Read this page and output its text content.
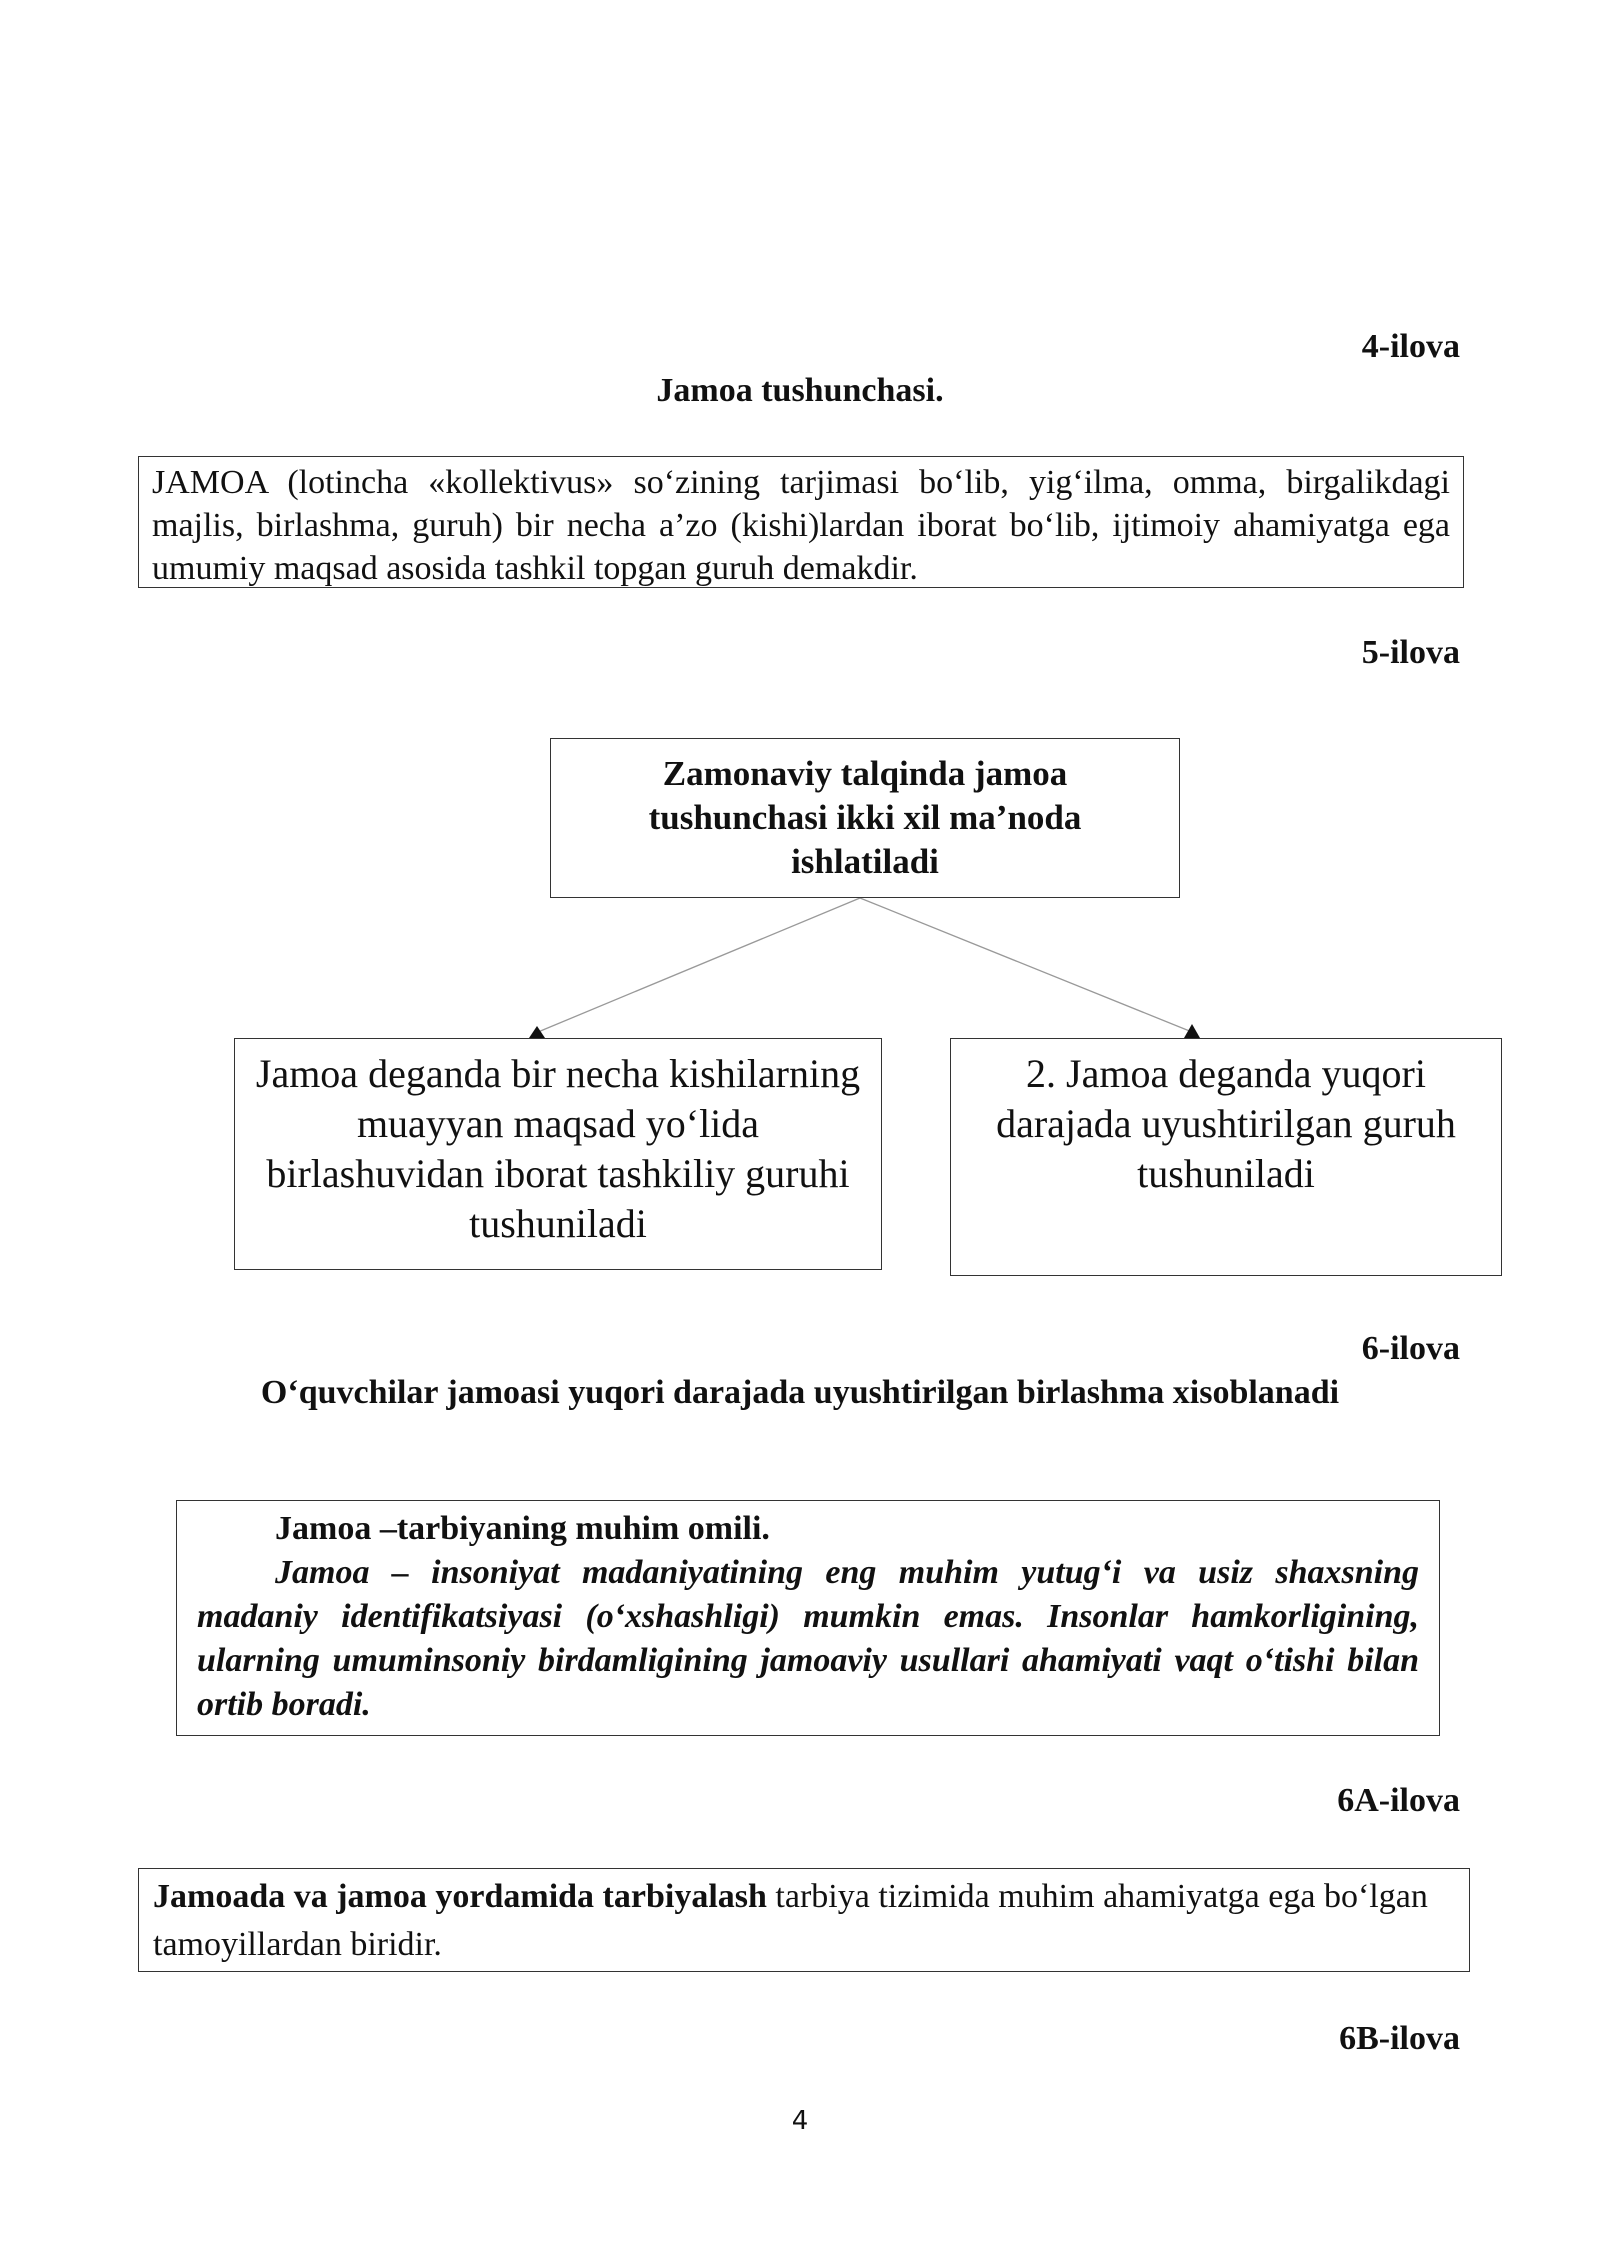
4-ilova
Jamoa tushunchasi.
JAMOA (lotincha «kollektivus» so‘zining tarjimasi bo‘lib, yig‘ilma, omma, birgalikdagi majlis, birlashma, guruh) bir necha a’zo (kishi)lardan iborat bo‘lib, ijtimoiy ahamiyatga ega umumiy maqsad asosida tashkil topgan guruh demakdir.
5-ilova
Zamonaviy talqinda jamoa tushunchasi ikki xil ma’noda ishlatiladi
Jamoa deganda bir necha kishilarning muayyan maqsad yo‘lida birlashuvidan iborat tashkiliy guruhi tushuniladi
2. Jamoa deganda yuqori darajada uyushtirilgan guruh tushuniladi
6-ilova
O‘quvchilar jamoasi yuqori darajada uyushtirilgan birlashma xisoblanadi
Jamoa –tarbiyaning muhim omili.
Jamoa – insoniyat madaniyatining eng muhim yutug‘i va usiz shaxsning madaniy identifikatsiyasi (o‘xshashligi) mumkin emas. Insonlar hamkorligining, ularning umuminsoniy birdamligining jamoaviy usullari ahamiyati vaqt o‘tishi bilan ortib boradi.
6A-ilova
Jamoada va jamoa yordamida tarbiyalash tarbiya tizimida muhim ahamiyatga ega bo‘lgan tamoyillardan biridir.
6B-ilova
4
